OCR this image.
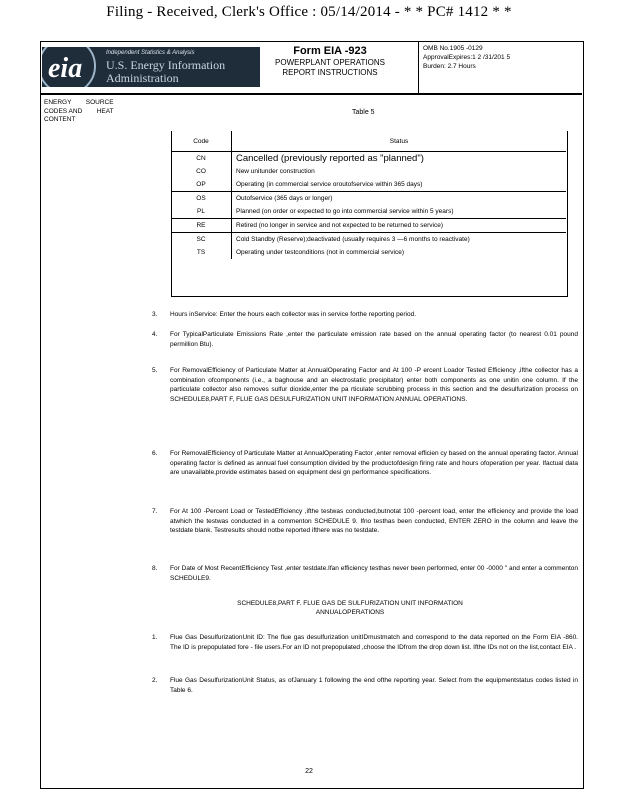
Filing - Received, Clerk's Office : 05/14/2014 - * * PC# 1412 * *
eia	Independent Statistics & Analysis
U.S. Energy Information
Administration
Form EIA -923
POWERPLANT OPERATIONS
REPORT INSTRUCTIONS
OMB No.1905 -0129
ApprovalExpires:1 2 /31/201 5
Burden: 2.7 Hours
ENERGY        SOURCE
CODES AND        HEAT
CONTENT
Table 5
Code	Status
CN	Cancelled (previously reported as "planned")
CO	New unitunder construction
OP	Operating (in commercial service oroutofservice within 365 days)
OS	Outofservice (365 days or longer)
PL	Planned (on order or expected to go into commercial service within 5 years)
RE	Retired (no longer in service and not expected to be returned to service)
SC	Cold Standby (Reserve);deactivated (usually requires 3 —6 months to reactivate)
TS	Operating under testconditions (not in commercial service)
3. Hours inService: Enter the hours each collector was in service forthe reporting period.
4. For TypicalParticulate Emissions Rate ,enter the particulate emission rate based on the annual operating factor (to nearest 0.01 pound permillion Btu).
5. For RemovalEfficiency of Particulate Matter at AnnualOperating Factor and At 100 -P ercent Loador Tested Efficiency ,ifthe collector has a combination ofcomponents (i.e., a baghouse and an electrostatic precipitator) enter both components as one unitin one column. If the particulate collector also removes sulfur dioxide,enter the pa rticulate scrubbing process in this section and the desulfurization process on SCHEDULE8,PART F, FLUE GAS DESULFURIZATION UNIT INFORMATION ANNUAL OPERATIONS.
6. For RemovalEfficiency of Particulate Matter at AnnualOperating Factor ,enter removal efficien cy based on the annual operating factor. Annual operating factor is defined as annual fuel consumption divided by the productofdesign firing rate and hours ofoperation per year. Ifactual data are unavailable,provide estimates based on equipment desi gn performance specifications.
7. For At 100 -Percent Load or TestedEfficiency ,ifthe testwas conducted,butnotat 100 -percent load, enter the efficiency and provide the load atwhich the testwas conducted in a commenton SCHEDULE 9. Ifno testhas been conducted, ENTER ZERO in the column and leave the testdate blank. Testresults should notbe reported ifthere was no testdate.
8. For Date of Most RecentEfficiency Test ,enter testdate.Ifan efficiency testhas never been performed, enter 00 -0000 " and enter a commenton SCHEDULE9.
SCHEDULE8,PART F. FLUE GAS DE SULFURIZATION UNIT INFORMATION
ANNUALOPERATIONS
1. Flue Gas DesulfurizationUnit ID: The flue gas desulfurization unitIDmustmatch and correspond to the data reported on the Form EIA -860. The ID is prepopulated fore - file users.For an ID not prepopulated ,choose the IDfrom the drop down list. Ifthe IDs not on the list,contact EIA .
2. Flue Gas DesulfurizationUnit Status, as ofJanuary 1 following the end ofthe reporting year. Select from the equipmentstatus codes listed in Table 6.
22
